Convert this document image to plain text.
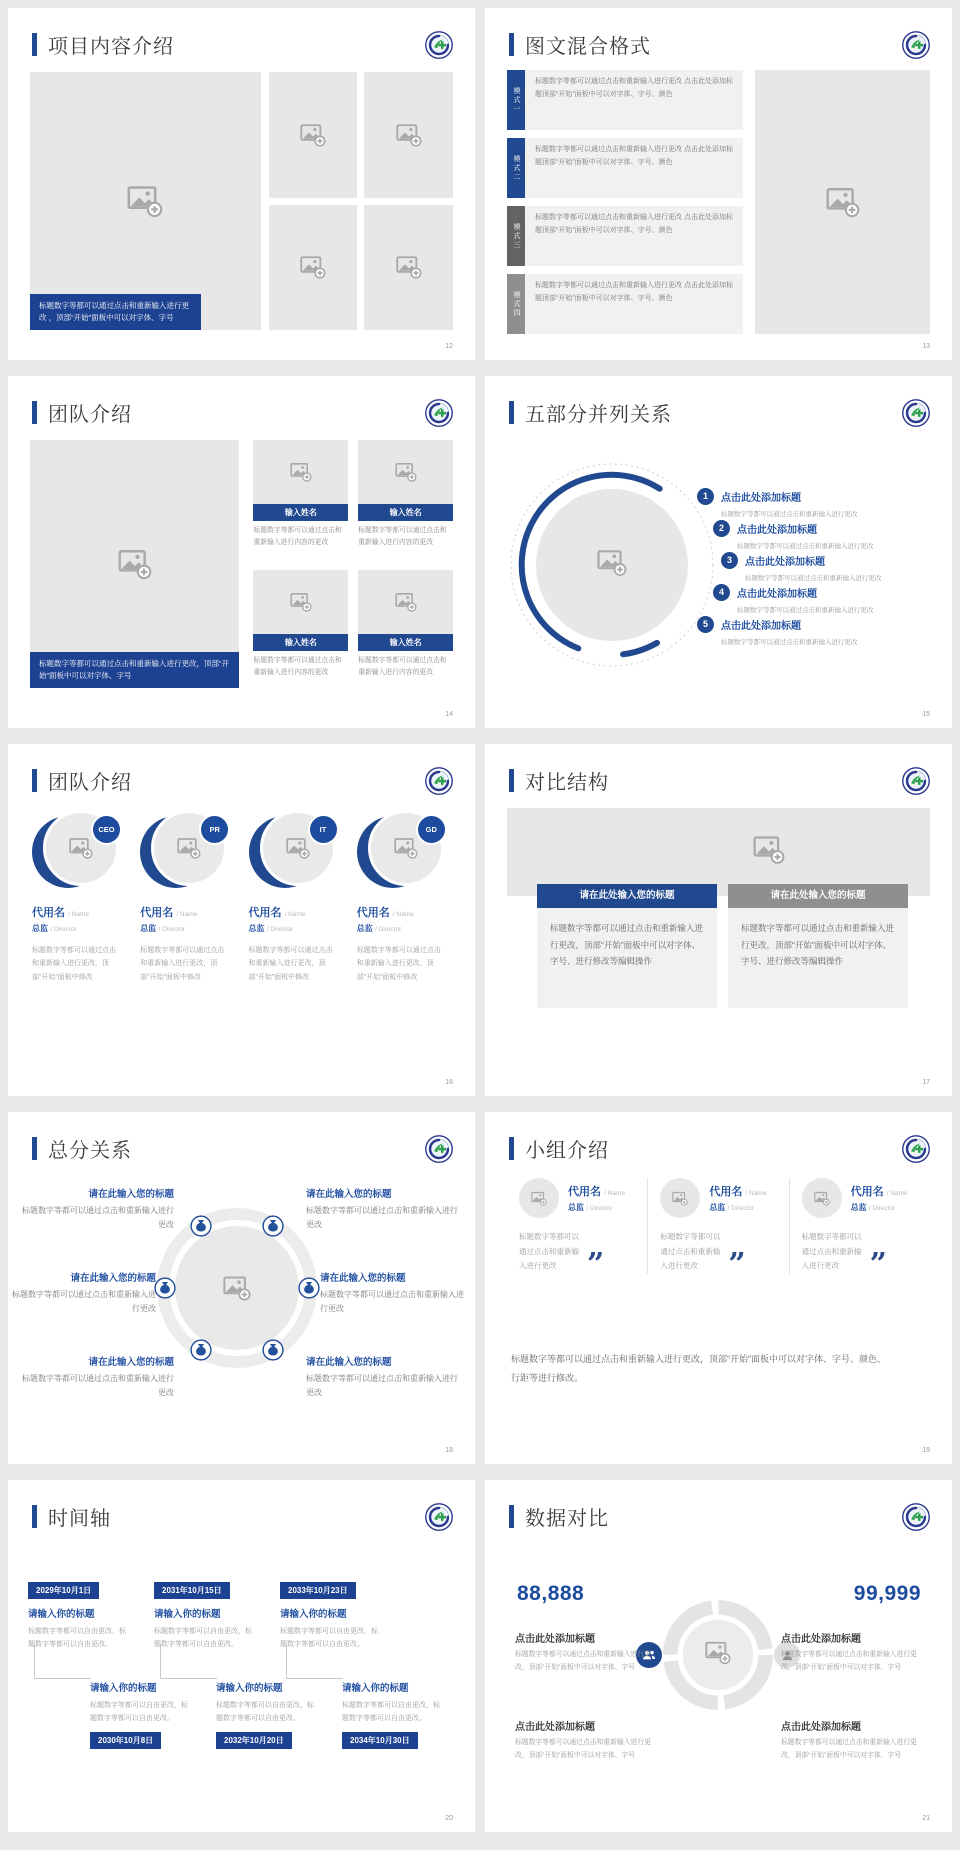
项目内容介绍
标题数字等都可以通过点击和重新输入进行更改 ，顶部“开始”面板中可以对字体、字号
12
图文混合格式
模式一
标题数字等都可以通过点击和重新输入进行更改 点击此处添加标题顶部“开始”面板中可以对字体、字号、颜色
模式二
标题数字等都可以通过点击和重新输入进行更改 点击此处添加标题顶部“开始”面板中可以对字体、字号、颜色
模式三
标题数字等都可以通过点击和重新输入进行更改 点击此处添加标题顶部“开始”面板中可以对字体、字号、颜色
模式四
标题数字等都可以通过点击和重新输入进行更改 点击此处添加标题顶部“开始”面板中可以对字体、字号、颜色
13
团队介绍
标题数字等都可以通过点击和重新输入进行更改，顶部“开始”面板中可以对字体、字号
输入姓名
标题数字等都可以通过点击和重新输入进行内容的更改
输入姓名
标题数字等都可以通过点击和重新输入进行内容的更改
输入姓名
标题数字等都可以通过点击和重新输入进行内容的更改
输入姓名
标题数字等都可以通过点击和重新输入进行内容的更改
14
五部分并列关系
1	点击此处添加标题
标题数字等都可以通过点击和重新输入进行更改
2	点击此处添加标题
标题数字等都可以通过点击和重新输入进行更改
3	点击此处添加标题
标题数字等都可以通过点击和重新输入进行更改
4	点击此处添加标题
标题数字等都可以通过点击和重新输入进行更改
5	点击此处添加标题
标题数字等都可以通过点击和重新输入进行更改
15
团队介绍
CEO
代用名 / Name
总监 / Director
标题数字等都可以通过点击和重新输入进行更改，顶部“开始”面板中修改
PR
代用名 / Name
总监 / Director
标题数字等都可以通过点击和重新输入进行更改，顶部“开始”面板中修改
IT
代用名 / Name
总监 / Director
标题数字等都可以通过点击和重新输入进行更改，顶部“开始”面板中修改
GD
代用名 / Name
总监 / Director
标题数字等都可以通过点击和重新输入进行更改，顶部“开始”面板中修改
16
对比结构
请在此处输入您的标题
标题数字等都可以通过点击和重新输入进行更改，顶部“开始”面板中可以对字体、字号、进行修改等编辑操作
请在此处输入您的标题
标题数字等都可以通过点击和重新输入进行更改，顶部“开始”面板中可以对字体、字号、进行修改等编辑操作
17
总分关系
请在此输入您的标题
标题数字等都可以通过点击和重新输入进行更改
请在此输入您的标题
标题数字等都可以通过点击和重新输入进行更改
请在此输入您的标题
标题数字等都可以通过点击和重新输入进行更改
请在此输入您的标题
标题数字等都可以通过点击和重新输入进行更改
请在此输入您的标题
标题数字等都可以通过点击和重新输入进行更改
请在此输入您的标题
标题数字等都可以通过点击和重新输入进行更改
18
小组介绍
代用名 / Name
总监 / Director
标题数字等都可以通过点击和重新输入进行更改	”
代用名 / Name
总监 / Director
标题数字等都可以通过点击和重新输入进行更改	”
代用名 / Name
总监 / Director
标题数字等都可以通过点击和重新输入进行更改	”
标题数字等都可以通过点击和重新输入进行更改，顶部“开始”面板中可以对字体、字号、颜色、行距等进行修改。
19
时间轴
2029年10月1日
请输入你的标题
标题数字等都可以自由更改，标题数字等都可以自由更改。
2031年10月15日
请输入你的标题
标题数字等都可以自由更改，标题数字等都可以自由更改。
2033年10月23日
请输入你的标题
标题数字等都可以自由更改，标题数字等都可以自由更改。
请输入你的标题
标题数字等都可以自由更改，标题数字等都可以自由更改。
2030年10月8日
请输入你的标题
标题数字等都可以自由更改，标题数字等都可以自由更改。
2032年10月20日
请输入你的标题
标题数字等都可以自由更改，标题数字等都可以自由更改。
2034年10月30日
20
数据对比
88,888	99,999
点击此处添加标题
标题数字等都可以通过点击和重新输入进行更改，顶部“开始”面板中可以对字体、字号
点击此处添加标题
标题数字等都可以通过点击和重新输入进行更改，顶部“开始”面板中可以对字体、字号
点击此处添加标题
标题数字等都可以通过点击和重新输入进行更改，顶部“开始”面板中可以对字体、字号
点击此处添加标题
标题数字等都可以通过点击和重新输入进行更改，顶部“开始”面板中可以对字体、字号
21
